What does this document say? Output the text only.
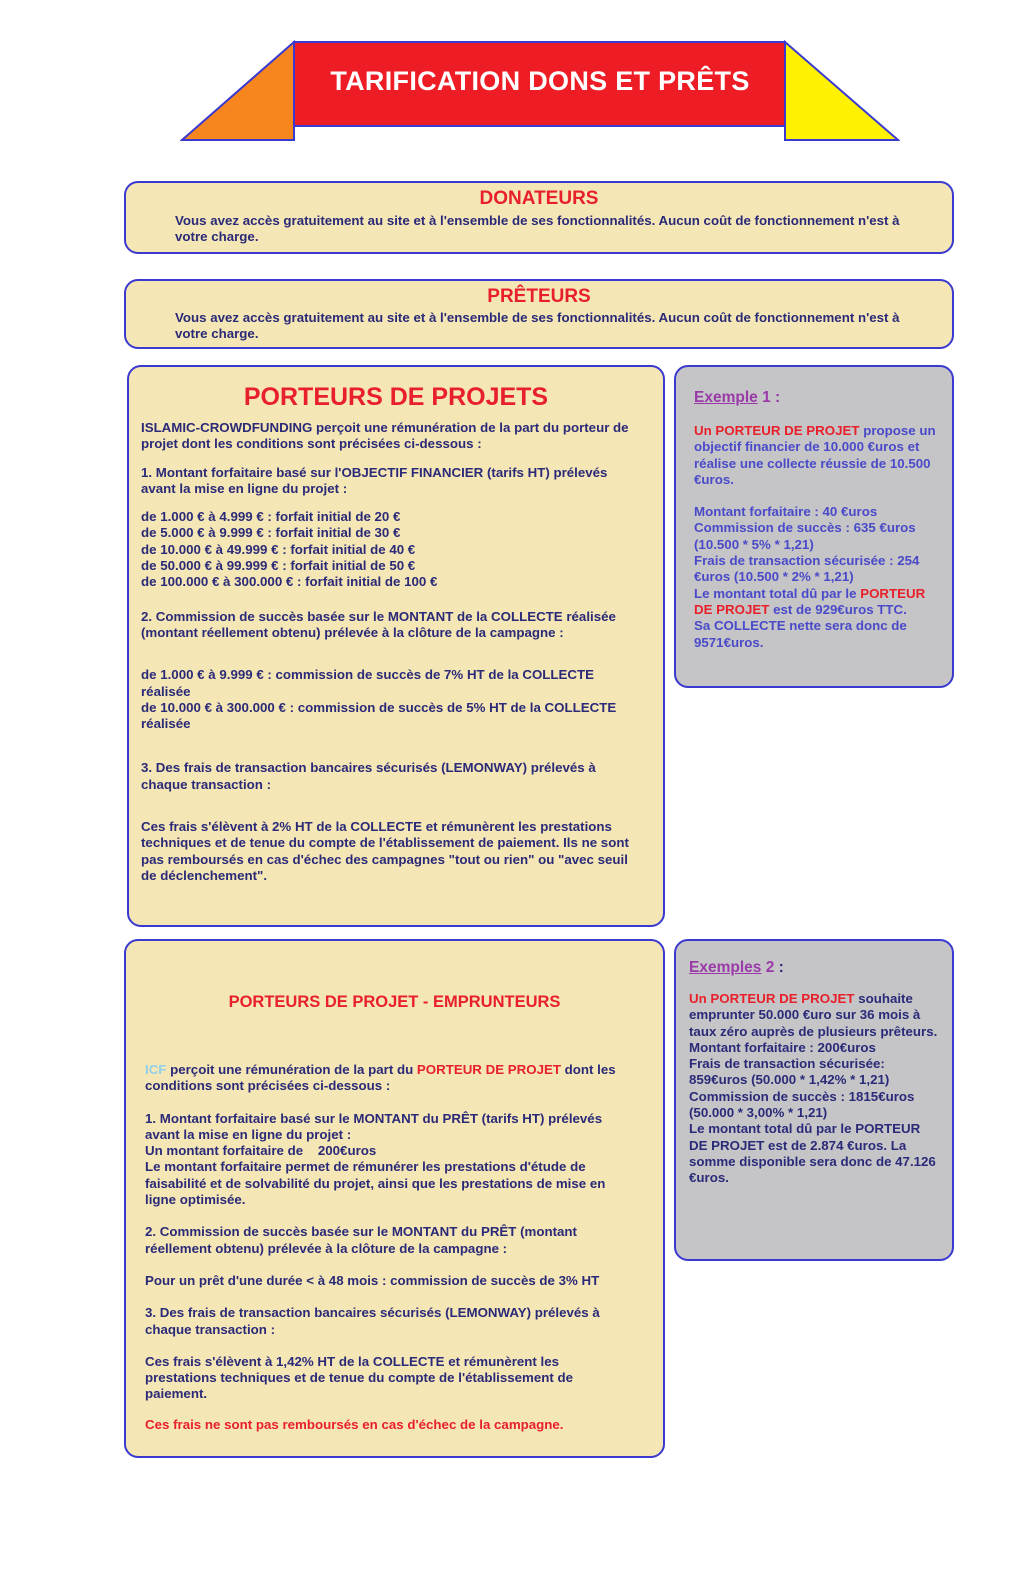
TARIFICATION DONS ET PRÊTS
DONATEURS
Vous avez accès gratuitement au site et à l'ensemble de ses fonctionnalités. Aucun coût de fonctionnement n'est à votre charge.
PRÊTEURS
Vous avez accès gratuitement au site et à l'ensemble de ses fonctionnalités. Aucun coût de fonctionnement n'est à votre charge.
PORTEURS DE PROJETS

ISLAMIC-CROWDFUNDING perçoit une rémunération de la part du porteur de projet dont les conditions sont précisées ci-dessous :

1. Montant forfaitaire basé sur l'OBJECTIF FINANCIER (tarifs HT) prélevés avant la mise en ligne du projet :

de 1.000 € à 4.999 € : forfait initial de 20 €
de 5.000 € à 9.999 € : forfait initial de 30 €
de 10.000 € à 49.999 € : forfait initial de 40 €
de 50.000 € à 99.999 € : forfait initial de 50 €
de 100.000 € à 300.000 € : forfait initial de 100 €

2. Commission de succès basée sur le MONTANT de la COLLECTE réalisée (montant réellement obtenu) prélevée à la clôture de la campagne :

de 1.000 € à 9.999 € : commission de succès de 7% HT de la COLLECTE réalisée
de 10.000 € à 300.000 € : commission de succès de 5% HT de la COLLECTE réalisée

3. Des frais de transaction bancaires sécurisés (LEMONWAY) prélevés à chaque transaction :

Ces frais s'élèvent à 2% HT de la COLLECTE et rémunèrent les prestations techniques et de tenue du compte de l'établissement de paiement. Ils ne sont pas remboursés en cas d'échec des campagnes "tout ou rien" ou "avec seuil de déclenchement".

Exemple 1 :

Un PORTEUR DE PROJET propose un objectif financier de 10.000 €uros et réalise une collecte réussie de 10.500 €uros.

Montant forfaitaire : 40 €uros

Commission de succès : 635 €uros (10.500 * 5% * 1,21)

Frais de transaction sécurisée : 254 €uros (10.500 * 2% * 1,21)

Le montant total dû par le PORTEUR DE PROJET est de 929€uros TTC.

Sa COLLECTE nette sera donc de 9571€uros.

PORTEURS DE PROJET - EMPRUNTEURS

ICF perçoit une rémunération de la part du PORTEUR DE PROJET dont les conditions sont précisées ci-dessous :

1. Montant forfaitaire basé sur le MONTANT du PRÊT (tarifs HT) prélevés avant la mise en ligne du projet :

Un montant forfaitaire de    200€uros

Le montant forfaitaire permet de rémunérer les prestations d'étude de faisabilité et de solvabilité du projet, ainsi que les prestations de mise en ligne optimisée.

2. Commission de succès basée sur le MONTANT du PRÊT (montant réellement obtenu) prélevée à la clôture de la campagne :

Pour un prêt d'une durée < à 48 mois : commission de succès de 3% HT

3. Des frais de transaction bancaires sécurisés (LEMONWAY) prélevés à chaque transaction :

Ces frais s'élèvent à 1,42% HT de la COLLECTE et rémunèrent les prestations techniques et de tenue du compte de l'établissement de paiement.

Ces frais ne sont pas remboursés en cas d'échec de la campagne.

Exemples 2 :

Un PORTEUR DE PROJET souhaite emprunter 50.000 €uro sur 36 mois à taux zéro auprès de plusieurs prêteurs.

Montant forfaitaire : 200€uros

Frais de transaction sécurisée: 859€uros (50.000 * 1,42% * 1,21)

Commission de succès : 1815€uros (50.000 * 3,00% * 1,21)

Le montant total dû par le PORTEUR DE PROJET est de 2.874 €uros. La somme disponible sera donc de 47.126 €uros.
